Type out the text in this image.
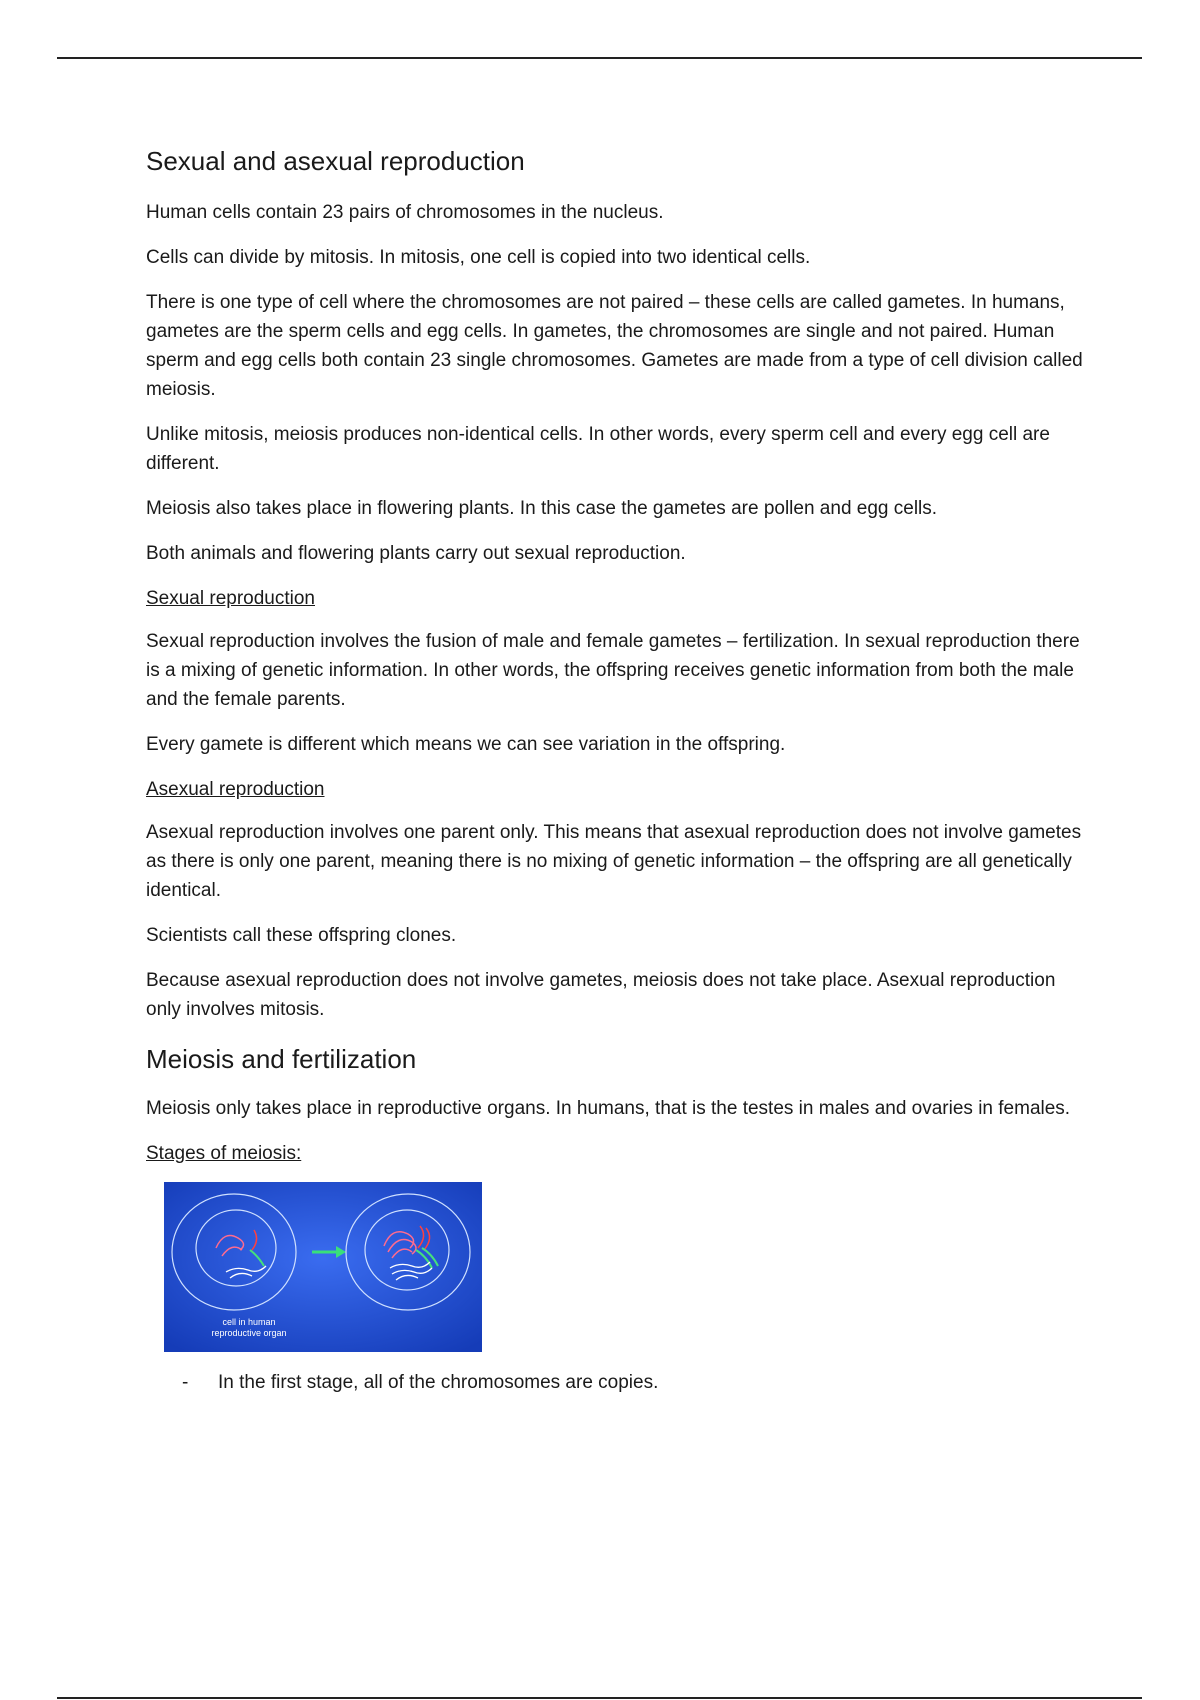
Sexual and asexual reproduction

Human cells contain 23 pairs of chromosomes in the nucleus.

Cells can divide by mitosis. In mitosis, one cell is copied into two identical cells.

There is one type of cell where the chromosomes are not paired – these cells are called gametes. In humans, gametes are the sperm cells and egg cells. In gametes, the chromosomes are single and not paired. Human sperm and egg cells both contain 23 single chromosomes. Gametes are made from a type of cell division called meiosis.

Unlike mitosis, meiosis produces non-identical cells. In other words, every sperm cell and every egg cell are different.

Meiosis also takes place in flowering plants. In this case the gametes are pollen and egg cells.

Both animals and flowering plants carry out sexual reproduction.

Sexual reproduction

Sexual reproduction involves the fusion of male and female gametes – fertilization. In sexual reproduction there is a mixing of genetic information. In other words, the offspring receives genetic information from both the male and the female parents.

Every gamete is different which means we can see variation in the offspring.

Asexual reproduction

Asexual reproduction involves one parent only. This means that asexual reproduction does not involve gametes as there is only one parent, meaning there is no mixing of genetic information – the offspring are all genetically identical.

Scientists call these offspring clones.

Because asexual reproduction does not involve gametes, meiosis does not take place. Asexual reproduction only involves mitosis.

Meiosis and fertilization

Meiosis only takes place in reproductive organs. In humans, that is the testes in males and ovaries in females.

Stages of meiosis:

cell in human
reproductive organ
-	In the first stage, all of the chromosomes are copies.
